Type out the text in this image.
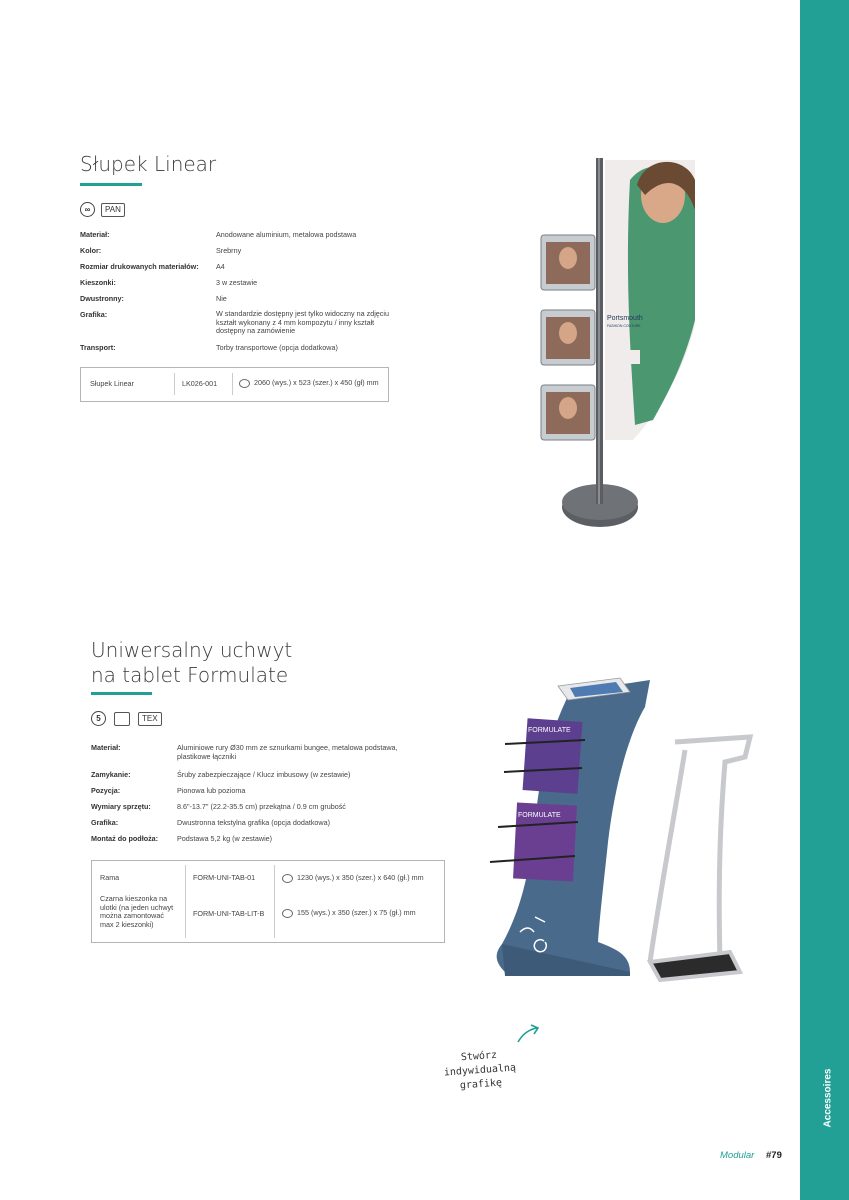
Accessoires
Słupek Linear
∞	PAN
Materiał:	Anodowane aluminium, metalowa podstawa
Kolor:	Srebrny
Rozmiar drukowanych materiałów: A4
Kieszonki:	3 w zestawie
Dwustronny:	Nie
Grafika:	W standardzie dostępny jest tylko widoczny na zdjęciu
kształt wykonany z 4 mm kompozytu / inny kształt
dostępny na zamówienie
Transport:	Torby transportowe (opcja dodatkowa)
Słupek Linear	LK026-001	2060 (wys.) x 523 (szer.) x 450 (gł) mm
Portsmouth
FASHION COUTURE
Uniwersalny uchwyt
na tablet Formulate
5	TEX
Materiał:	Aluminiowe rury Ø30 mm ze sznurkami bungee, metalowa podstawa,
plastikowe łączniki
Zamykanie:	Śruby zabezpieczające / Klucz imbusowy (w zestawie)
Pozycja:	Pionowa lub pozioma
Wymiary sprzętu:	8.6"-13.7" (22.2-35.5 cm) przekątna / 0.9 cm grubość
Grafika:	Dwustronna tekstylna grafika (opcja dodatkowa)
Montaż do podłoża:	Podstawa 5,2 kg (w zestawie)
Rama	FORM-UNI-TAB-01	1230 (wys.) x 350 (szer.) x 640 (gł.) mm
Czarna kieszonka na
ulotki (na jeden uchwyt
można zamontować
max 2 kieszonki)
FORM-UNI-TAB-LIT-B	155 (wys.) x 350 (szer.) x 75 (gł.) mm
FORMULATE
FORMULATE
Stwórz
indywidualną
grafikę
Modular #79
